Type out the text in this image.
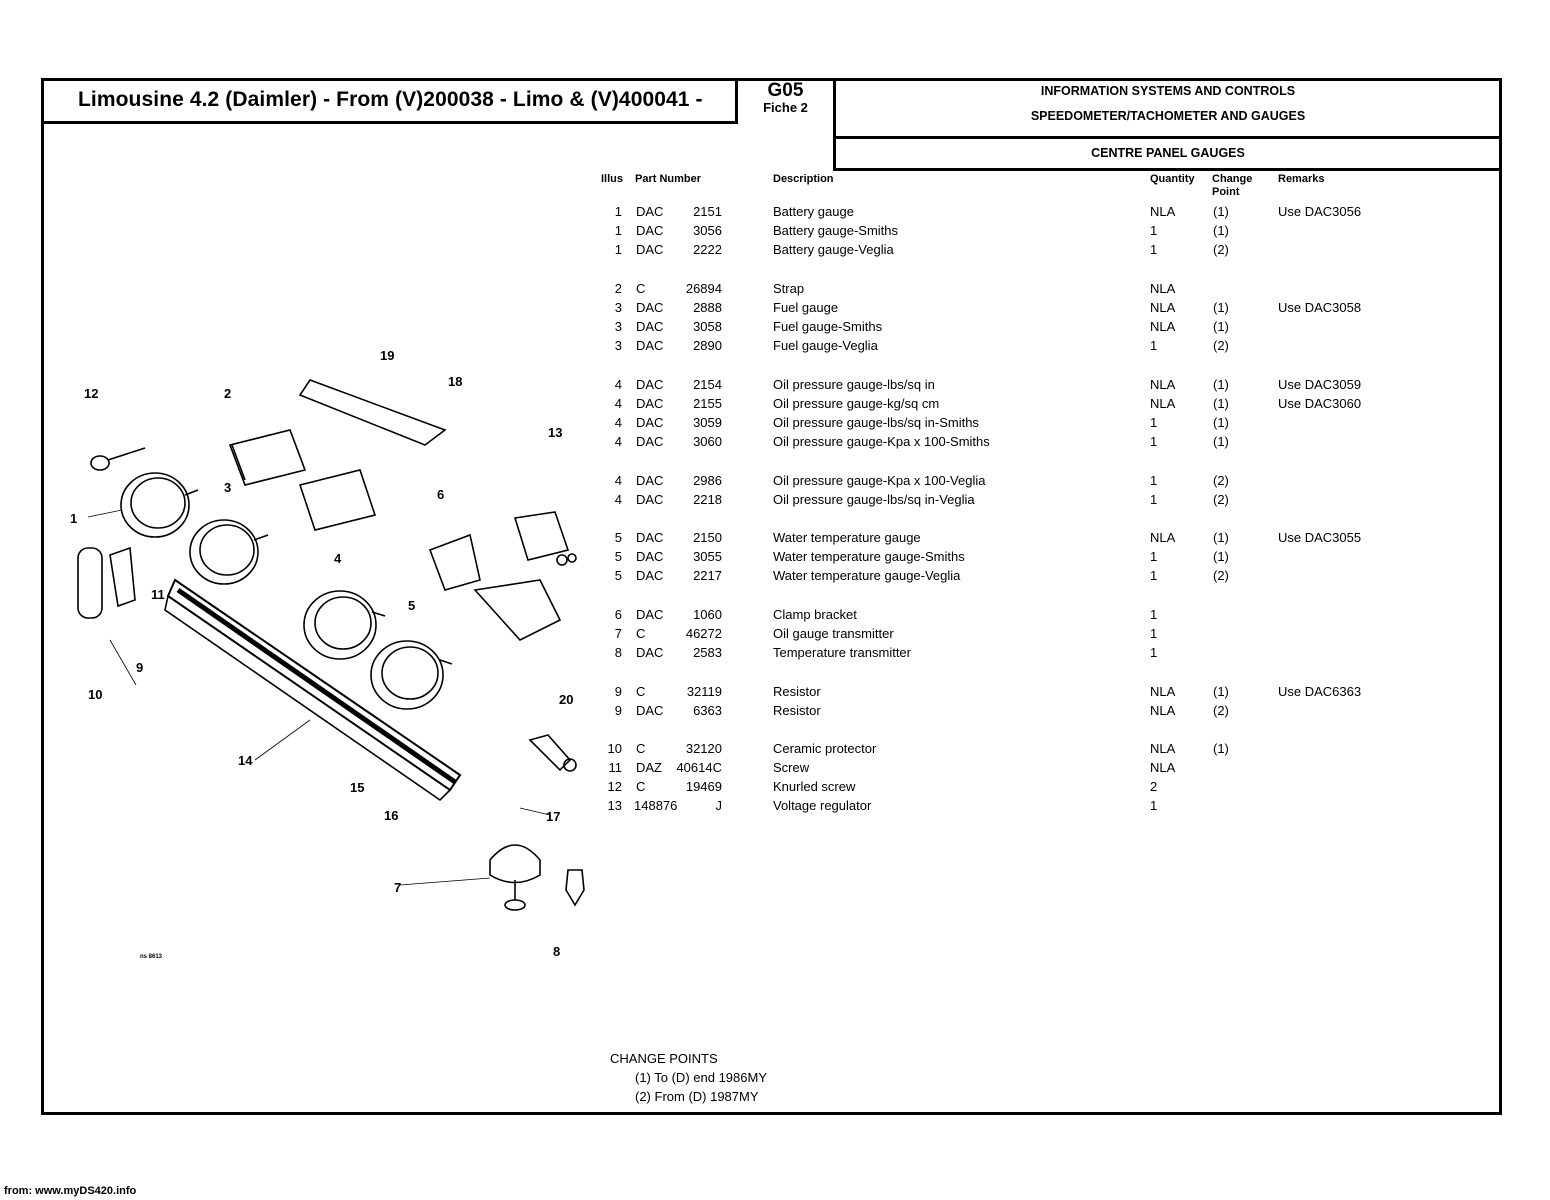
Limousine 4.2 (Daimler) - From (V)200038 - Limo & (V)400041 -	G05
Fiche 2
INFORMATION SYSTEMS AND CONTROLS
SPEEDOMETER/TACHOMETER AND GAUGES
CENTRE PANEL GAUGES
Illus Part Number	Description	Quantity Change Point
Remarks
1 DAC	2151	Battery gauge	NLA	(1)	Use DAC3056
1 DAC	3056	Battery gauge-Smiths	1	(1)
1 DAC	2222	Battery gauge-Veglia	1	(2)
2 C	26894	Strap	NLA
3 DAC	2888	Fuel gauge	NLA	(1)	Use DAC3058
3 DAC	3058	Fuel gauge-Smiths	NLA	(1)
3 DAC	2890	Fuel gauge-Veglia	1	(2)
4 DAC	2154	Oil pressure gauge-lbs/sq in	NLA	(1)	Use DAC3059
4 DAC	2155	Oil pressure gauge-kg/sq cm	NLA	(1)	Use DAC3060
4 DAC	3059	Oil pressure gauge-lbs/sq in-Smiths	1	(1)
4 DAC	3060	Oil pressure gauge-Kpa x 100-Smiths	1	(1)
4 DAC	2986	Oil pressure gauge-Kpa x 100-Veglia	1	(2)
4 DAC	2218	Oil pressure gauge-lbs/sq in-Veglia	1	(2)
5 DAC	2150	Water temperature gauge	NLA	(1)	Use DAC3055
5 DAC	3055	Water temperature gauge-Smiths	1	(1)
5 DAC	2217	Water temperature gauge-Veglia	1	(2)
6 DAC	1060	Clamp bracket	1
7 C	46272	Oil gauge transmitter	1
8 DAC	2583	Temperature transmitter	1
9 C	32119	Resistor	NLA	(1)	Use DAC6363
9 DAC	6363	Resistor	NLA	(2)
10 C	32120	Ceramic protector	NLA	(1)
11 DAZ	40614C	Screw	NLA
12 C	19469	Knurled screw	2
13 148876	J	Voltage regulator	1
1
2
3
4
5
6
7
8
9
10
11
12
13
14
15
16	17
18
19
20
ns 8613
CHANGE POINTS
(1) To (D) end 1986MY
(2) From (D) 1987MY
from: www.myDS420.info
